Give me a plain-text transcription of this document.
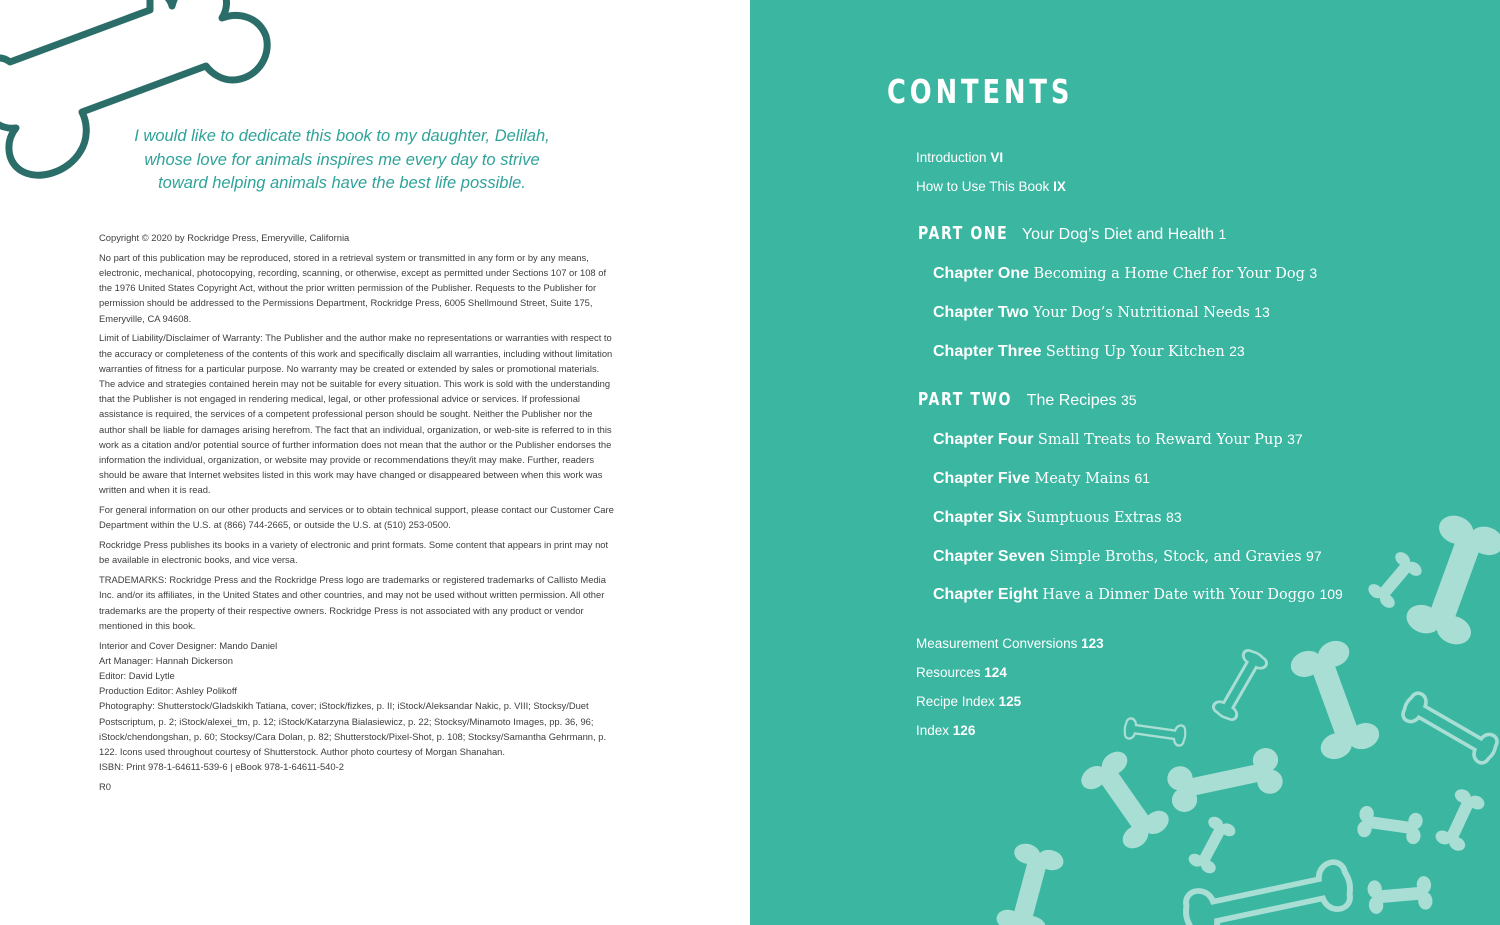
I would like to dedicate this book to my daughter, Delilah,
whose love for animals inspires me every day to strive
toward helping animals have the best life possible.

Copyright © 2020 by Rockridge Press, Emeryville, California

No part of this publication may be reproduced, stored in a retrieval system or transmitted in any form or by any means, electronic, mechanical, photocopying, recording, scanning, or otherwise, except as permitted under Sections 107 or 108 of the 1976 United States Copyright Act, without the prior written permission of the Publisher. Requests to the Publisher for permission should be addressed to the Permissions Department, Rockridge Press, 6005 Shellmound Street, Suite 175, Emeryville, CA 94608.

Limit of Liability/Disclaimer of Warranty: The Publisher and the author make no representations or warranties with respect to the accuracy or completeness of the contents of this work and specifically disclaim all warranties, including without limitation warranties of fitness for a particular purpose. No warranty may be created or extended by sales or promotional materials. The advice and strategies contained herein may not be suitable for every situation. This work is sold with the understanding that the Publisher is not engaged in rendering medical, legal, or other professional advice or services. If professional assistance is required, the services of a competent professional person should be sought. Neither the Publisher nor the author shall be liable for damages arising herefrom. The fact that an individual, organization, or web-site is referred to in this work as a citation and/or potential source of further information does not mean that the author or the Publisher endorses the information the individual, organization, or website may provide or recommendations they/it may make. Further, readers should be aware that Internet websites listed in this work may have changed or disappeared between when this work was written and when it is read.

For general information on our other products and services or to obtain technical support, please contact our Customer Care Department within the U.S. at (866) 744-2665, or outside the U.S. at (510) 253-0500.

Rockridge Press publishes its books in a variety of electronic and print formats. Some content that appears in print may not be available in electronic books, and vice versa.

TRADEMARKS: Rockridge Press and the Rockridge Press logo are trademarks or registered trademarks of Callisto Media Inc. and/or its affiliates, in the United States and other countries, and may not be used without written permission. All other trademarks are the property of their respective owners. Rockridge Press is not associated with any product or vendor mentioned in this book.

Interior and Cover Designer: Mando Daniel

Art Manager: Hannah Dickerson

Editor: David Lytle

Production Editor: Ashley Polikoff

Photography: Shutterstock/Gladskikh Tatiana, cover; iStock/fizkes, p. II; iStock/Aleksandar Nakic, p. VIII; Stocksy/Duet Postscriptum, p. 2; iStock/alexei_tm, p. 12; iStock/Katarzyna Bialasiewicz, p. 22; Stocksy/Minamoto Images, pp. 36, 96; iStock/chendongshan, p. 60; Stocksy/Cara Dolan, p. 82; Shutterstock/Pixel-Shot, p. 108; Stocksy/Samantha Gehrmann, p. 122. Icons used throughout courtesy of Shutterstock. Author photo courtesy of Morgan Shanahan.

ISBN: Print 978-1-64611-539-6 | eBook 978-1-64611-540-2

R0

CONTENTS
Introduction VI
How to Use This Book IX
PART ONE Your Dog’s Diet and Health 1
Chapter One Becoming a Home Chef for Your Dog 3
Chapter Two Your Dog’s Nutritional Needs 13
Chapter Three Setting Up Your Kitchen 23
PART TWO The Recipes 35
Chapter Four Small Treats to Reward Your Pup 37
Chapter Five Meaty Mains 61
Chapter Six Sumptuous Extras 83
Chapter Seven Simple Broths, Stock, and Gravies 97
Chapter Eight Have a Dinner Date with Your Doggo 109
Measurement Conversions 123
Resources 124
Recipe Index 125
Index 126
